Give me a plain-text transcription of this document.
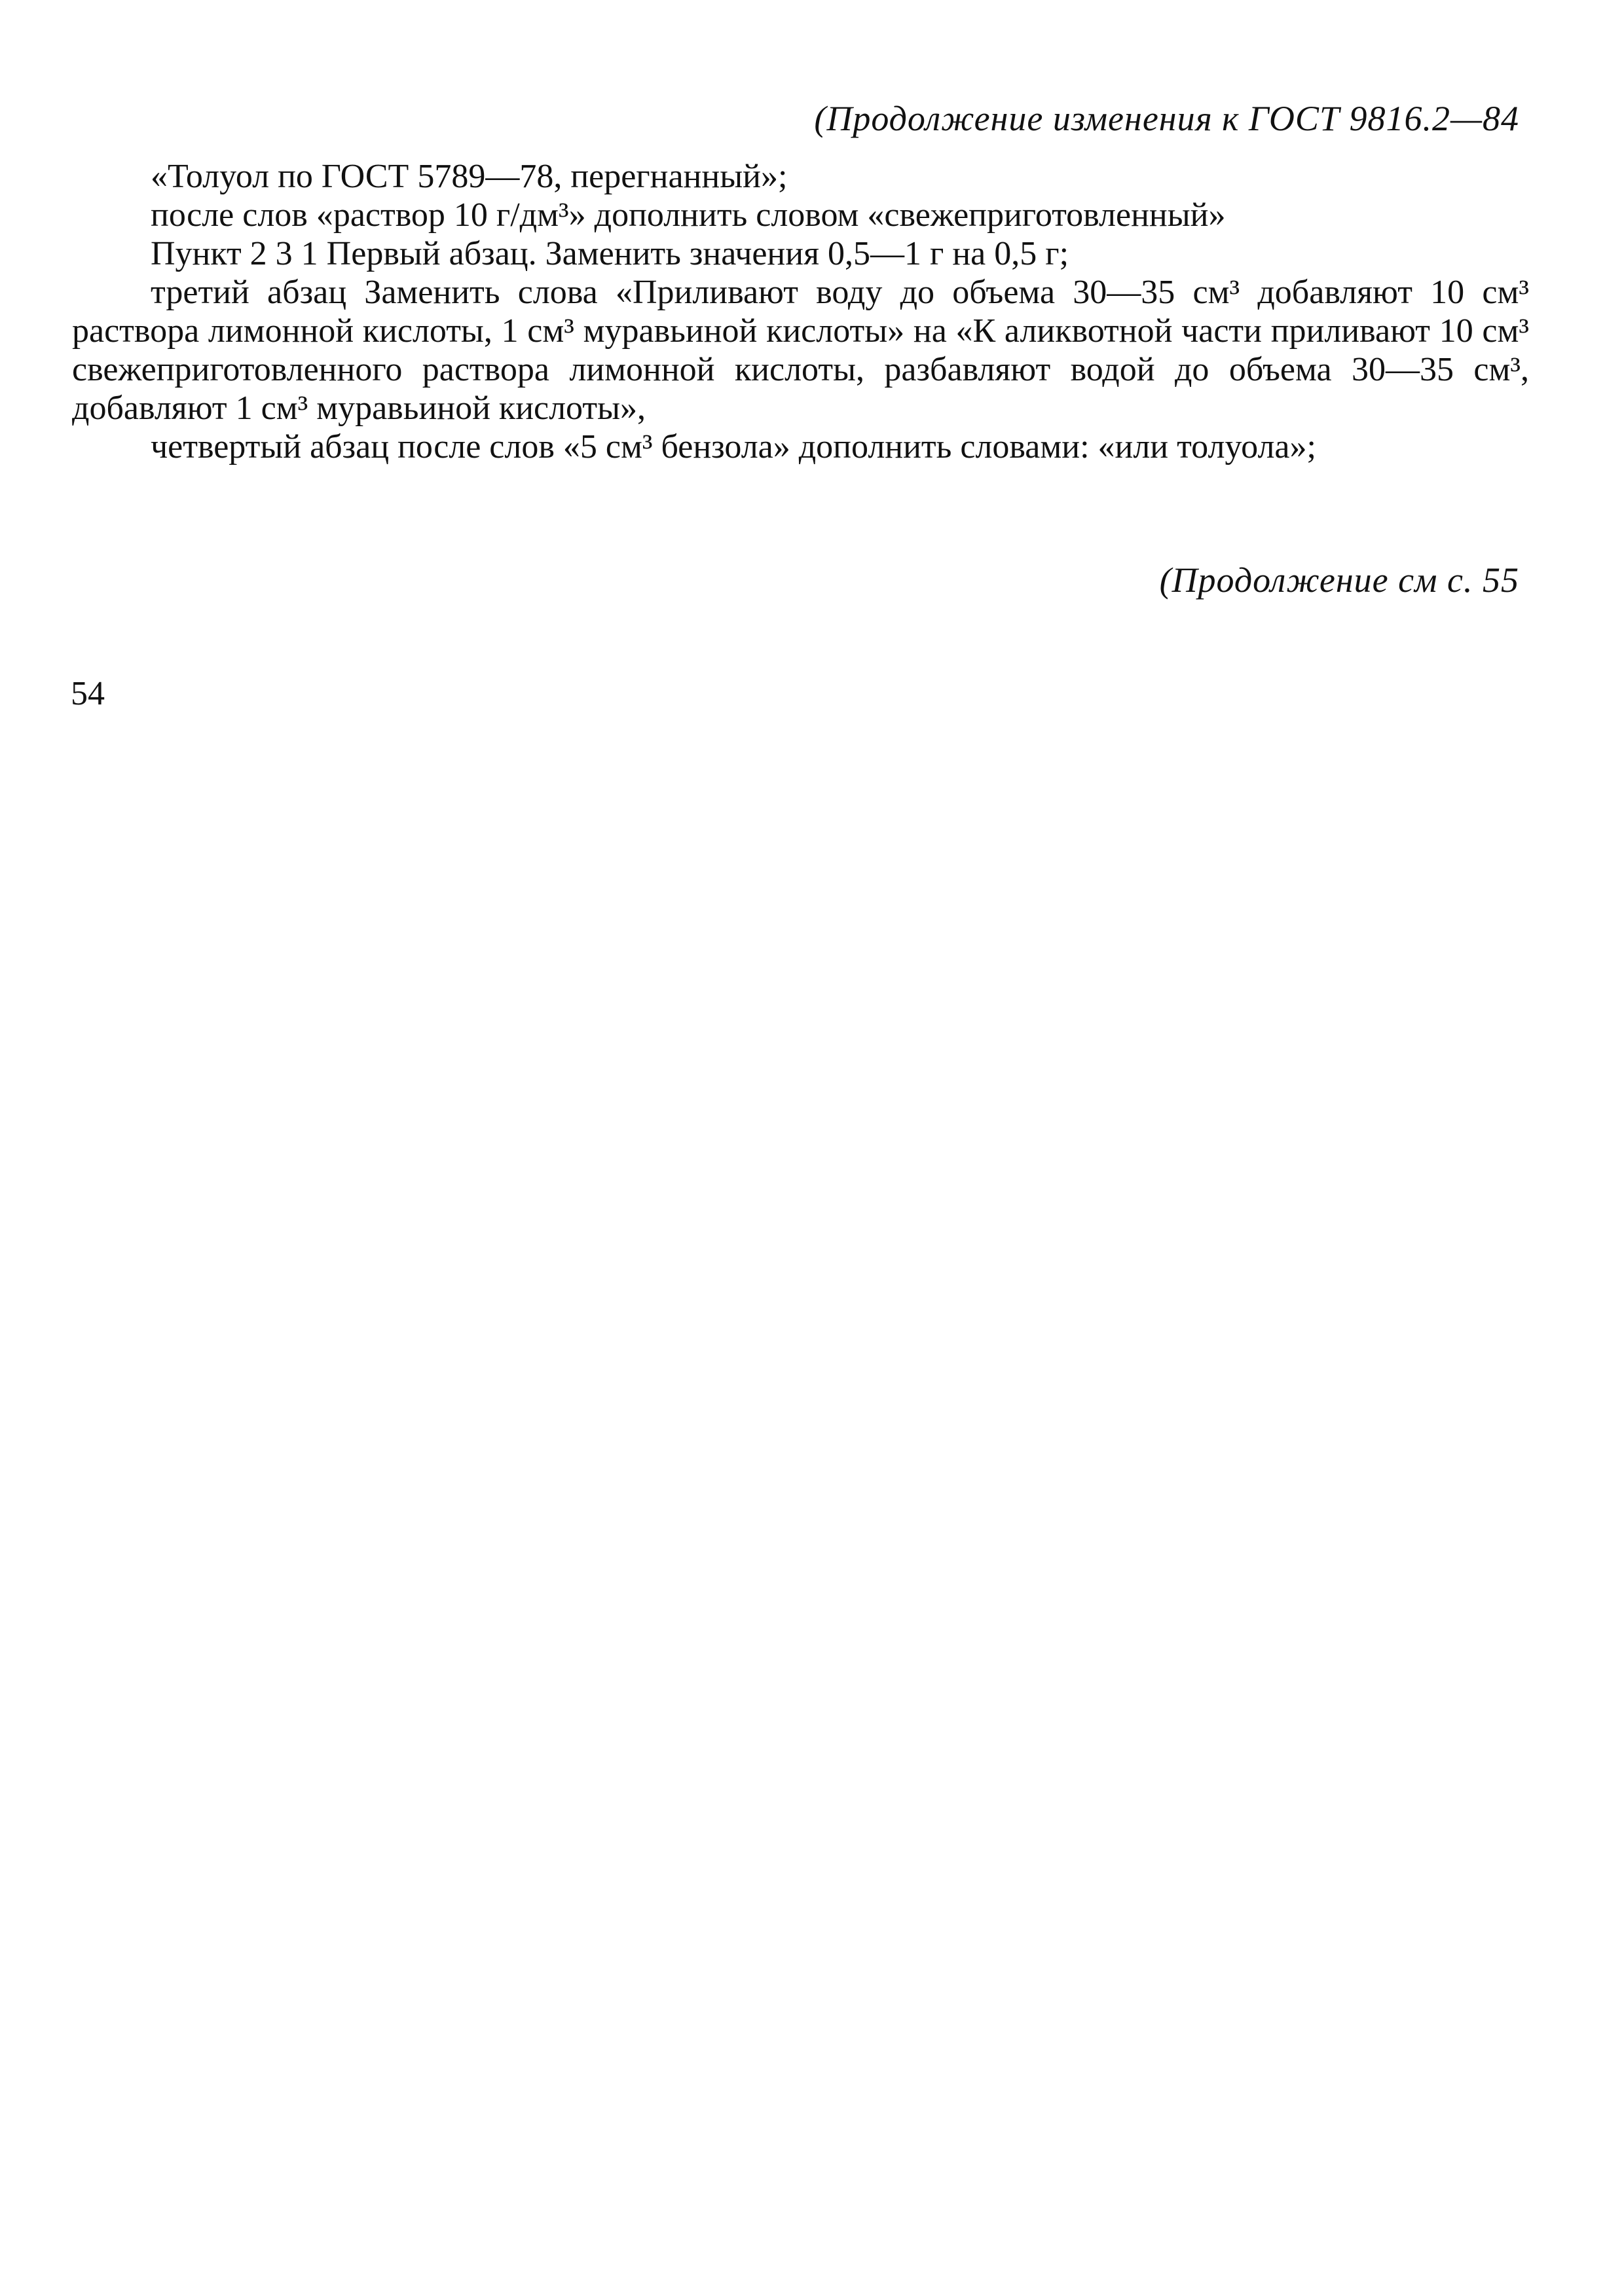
(Продолжение изменения к ГОСТ 9816.2—84

«Толуол по ГОСТ 5789—78, перегнанный»;

после слов «раствор 10 г/дм³» дополнить словом «свежеприготовленный»

Пункт 2 3 1 Первый абзац. Заменить значения 0,5—1 г на 0,5 г;

третий абзац Заменить слова «Приливают воду до объема 30—35 см³ добавляют 10 см³ раствора лимонной кислоты, 1 см³ муравьиной кислоты» на «К аликвотной части приливают 10 см³ свежеприготовленного раствора лимонной кислоты, разбавляют водой до объема 30—35 см³, добавляют 1 см³ муравьиной кислоты»,

четвертый абзац после слов «5 см³ бензола» дополнить словами: «или толуола»;

(Продолжение см с. 55
54
